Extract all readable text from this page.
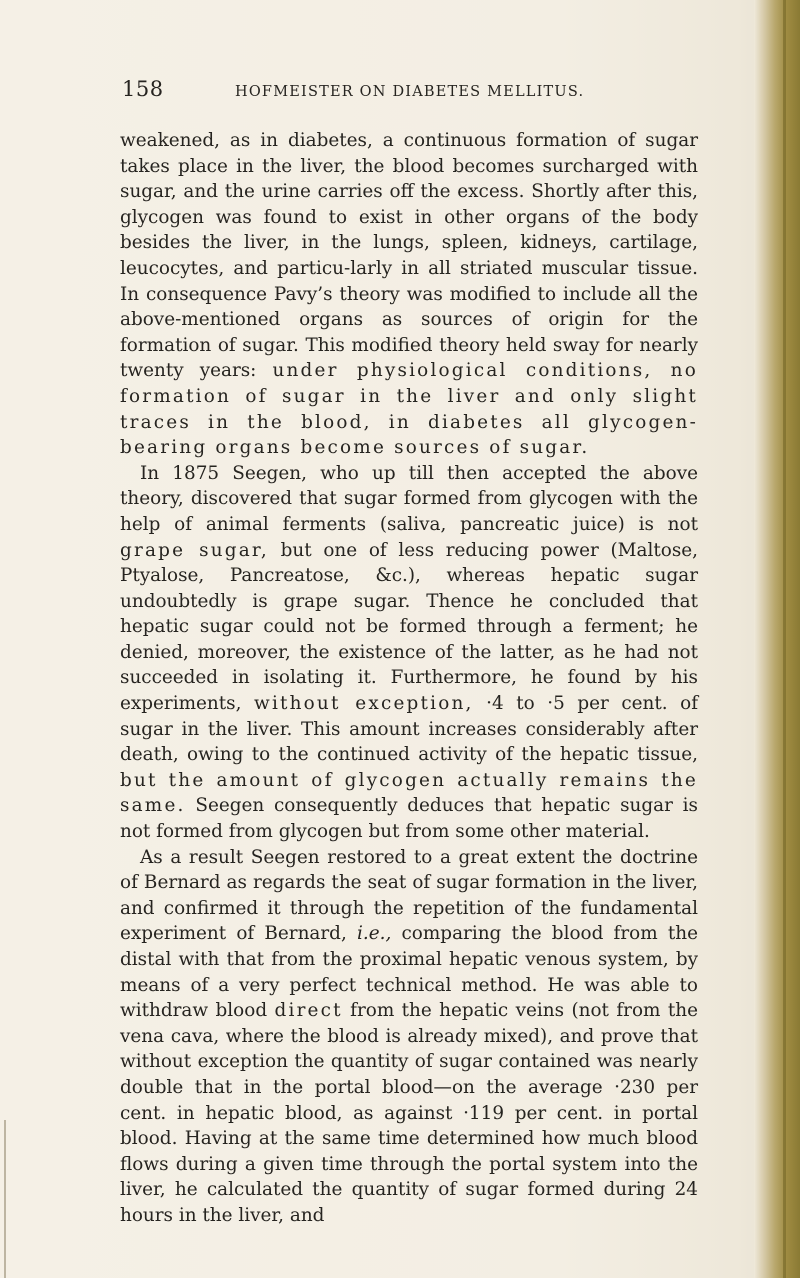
158	HOFMEISTER ON DIABETES MELLITUS.

weakened, as in diabetes, a continuous formation of sugar takes place in the liver, the blood becomes surcharged with sugar, and the urine carries off the excess. Shortly after this, glycogen was found to exist in other organs of the body besides the liver, in the lungs, spleen, kidneys, cartilage, leucocytes, and particu-larly in all striated muscular tissue. In consequence Pavy’s theory was modified to include all the above-mentioned organs as sources of origin for the formation of sugar. This modified theory held sway for nearly twenty years: under physiological conditions, no formation of sugar in the liver and only slight traces in the blood, in diabetes all glycogen-bearing organs become sources of sugar.

In 1875 Seegen, who up till then accepted the above theory, discovered that sugar formed from glycogen with the help of animal ferments (saliva, pancreatic juice) is not grape sugar, but one of less reducing power (Maltose, Ptyalose, Pancreatose, &c.), whereas hepatic sugar undoubtedly is grape sugar. Thence he concluded that hepatic sugar could not be formed through a ferment; he denied, moreover, the existence of the latter, as he had not succeeded in isolating it. Furthermore, he found by his experiments, without exception, ·4 to ·5 per cent. of sugar in the liver. This amount increases considerably after death, owing to the continued activity of the hepatic tissue, but the amount of glycogen actually remains the same. Seegen consequently deduces that hepatic sugar is not formed from glycogen but from some other material.

As a result Seegen restored to a great extent the doctrine of Bernard as regards the seat of sugar formation in the liver, and confirmed it through the repetition of the fundamental experiment of Bernard, i.e., comparing the blood from the distal with that from the proximal hepatic venous system, by means of a very perfect technical method. He was able to withdraw blood direct from the hepatic veins (not from the vena cava, where the blood is already mixed), and prove that without exception the quantity of sugar contained was nearly double that in the portal blood—on the average ·230 per cent. in hepatic blood, as against ·119 per cent. in portal blood. Having at the same time determined how much blood flows during a given time through the portal system into the liver, he calculated the quantity of sugar formed during 24 hours in the liver, and
